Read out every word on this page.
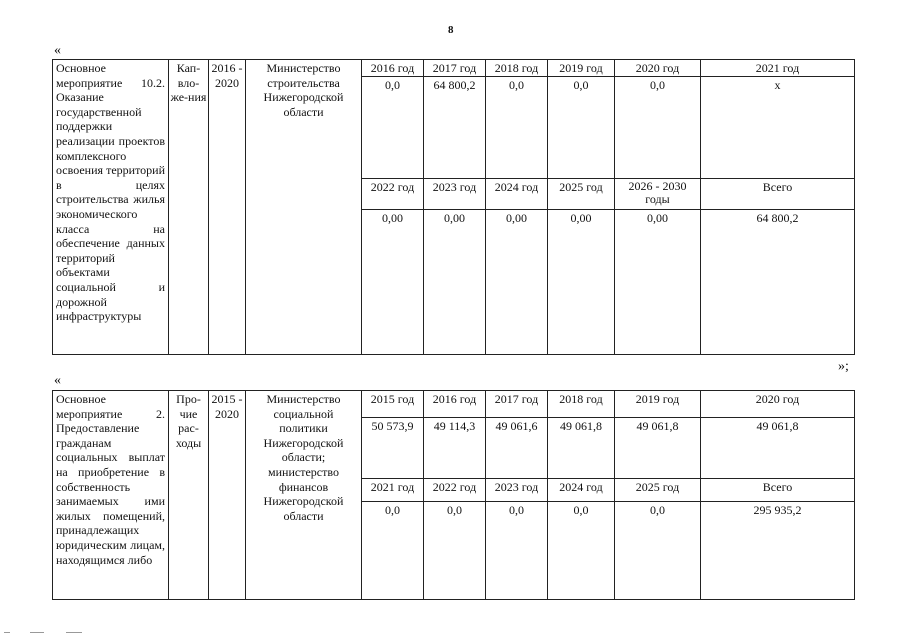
8
«
Основное мероприятие 10.2. Оказание государственной поддержки реализации проектов комплексного освоения территорий в целях строительства жилья экономического класса на обеспечение данных территорий объектами социальной и дорожной инфраструктуры	Кап-вло-же-ния	2016 - 2020	Министерство строительства Нижегородской области	2016 год	2017 год	2018 год	2019 год	2020 год	2021 год
				0,0	64 800,2	0,0	0,0	0,0	х
				2022 год	2023 год	2024 год	2025 год	2026 - 2030 годы	Всего
				0,00	0,00	0,00	0,00	0,00	64 800,2
»;
«
Основное мероприятие 2. Предоставление гражданам социальных выплат на приобретение в собственность занимаемых ими жилых помещений, принадлежащих юридическим лицам, находящимся либо	Про-чие рас-ходы	2015 - 2020	Министерство социальной политики Нижегородской области; министерство финансов Нижегородской области	2015 год	2016 год	2017 год	2018 год	2019 год	2020 год
				50 573,9	49 114,3	49 061,6	49 061,8	49 061,8	49 061,8
				2021 год	2022 год	2023 год	2024 год	2025 год	Всего
				0,0	0,0	0,0	0,0	0,0	295 935,2
